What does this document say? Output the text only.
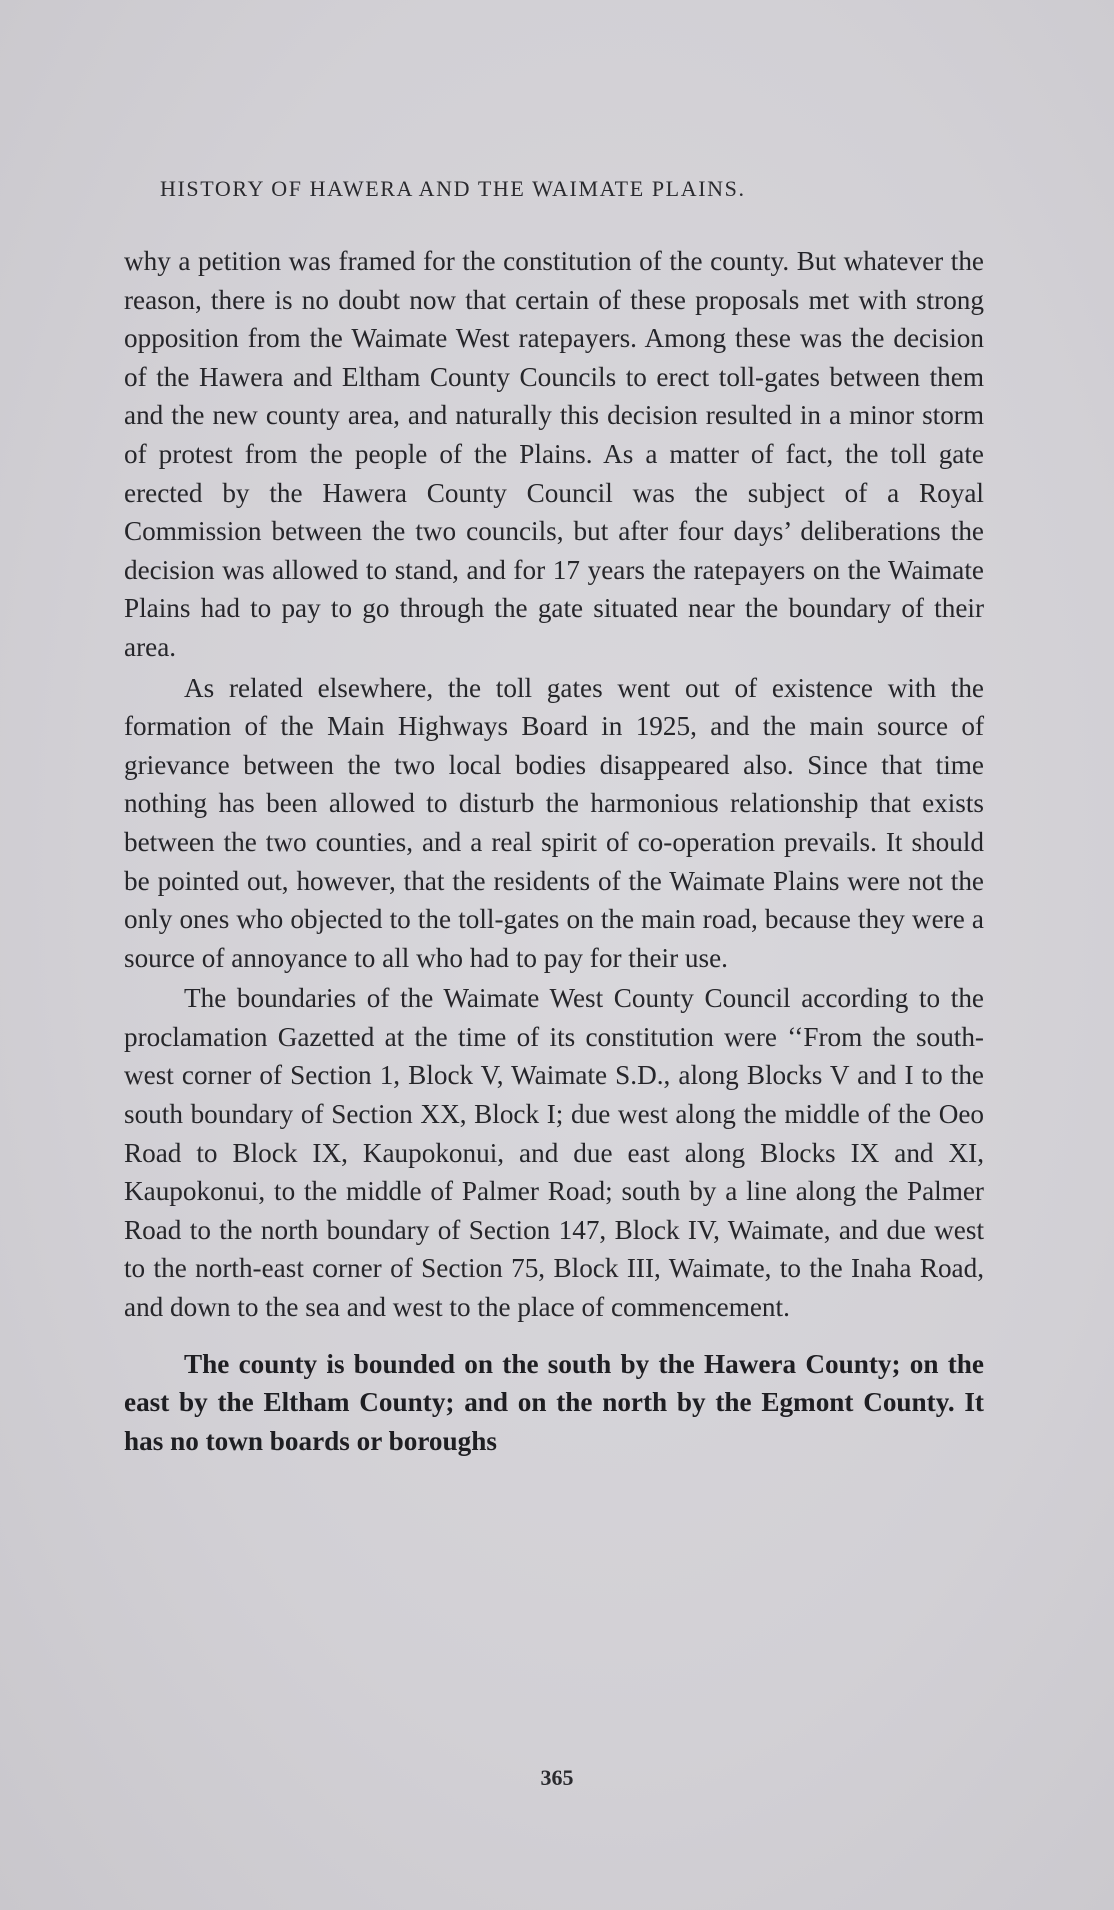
HISTORY OF HAWERA AND THE WAIMATE PLAINS.

why a petition was framed for the constitution of the county. But whatever the reason, there is no doubt now that certain of these proposals met with strong opposition from the Waimate West ratepayers. Among these was the decision of the Hawera and Eltham County Councils to erect toll-gates between them and the new county area, and naturally this decision resulted in a minor storm of protest from the people of the Plains. As a matter of fact, the toll gate erected by the Hawera County Council was the subject of a Royal Commission between the two councils, but after four days’ deliberations the decision was allowed to stand, and for 17 years the ratepayers on the Waimate Plains had to pay to go through the gate situated near the boundary of their area.

As related elsewhere, the toll gates went out of existence with the formation of the Main Highways Board in 1925, and the main source of grievance between the two local bodies disappeared also. Since that time nothing has been allowed to disturb the harmonious relationship that exists between the two counties, and a real spirit of co-operation prevails. It should be pointed out, however, that the residents of the Waimate Plains were not the only ones who objected to the toll-gates on the main road, because they were a source of annoyance to all who had to pay for their use.

The boundaries of the Waimate West County Council according to the proclamation Gazetted at the time of its constitution were ‘‘From the south-west corner of Section 1, Block V, Waimate S.D., along Blocks V and I to the south boundary of Section XX, Block I; due west along the middle of the Oeo Road to Block IX, Kaupokonui, and due east along Blocks IX and XI, Kaupokonui, to the middle of Palmer Road; south by a line along the Palmer Road to the north boundary of Section 147, Block IV, Waimate, and due west to the north-east corner of Section 75, Block III, Waimate, to the Inaha Road, and down to the sea and west to the place of commencement.

The county is bounded on the south by the Hawera County; on the east by the Eltham County; and on the north by the Egmont County. It has no town boards or boroughs

365
